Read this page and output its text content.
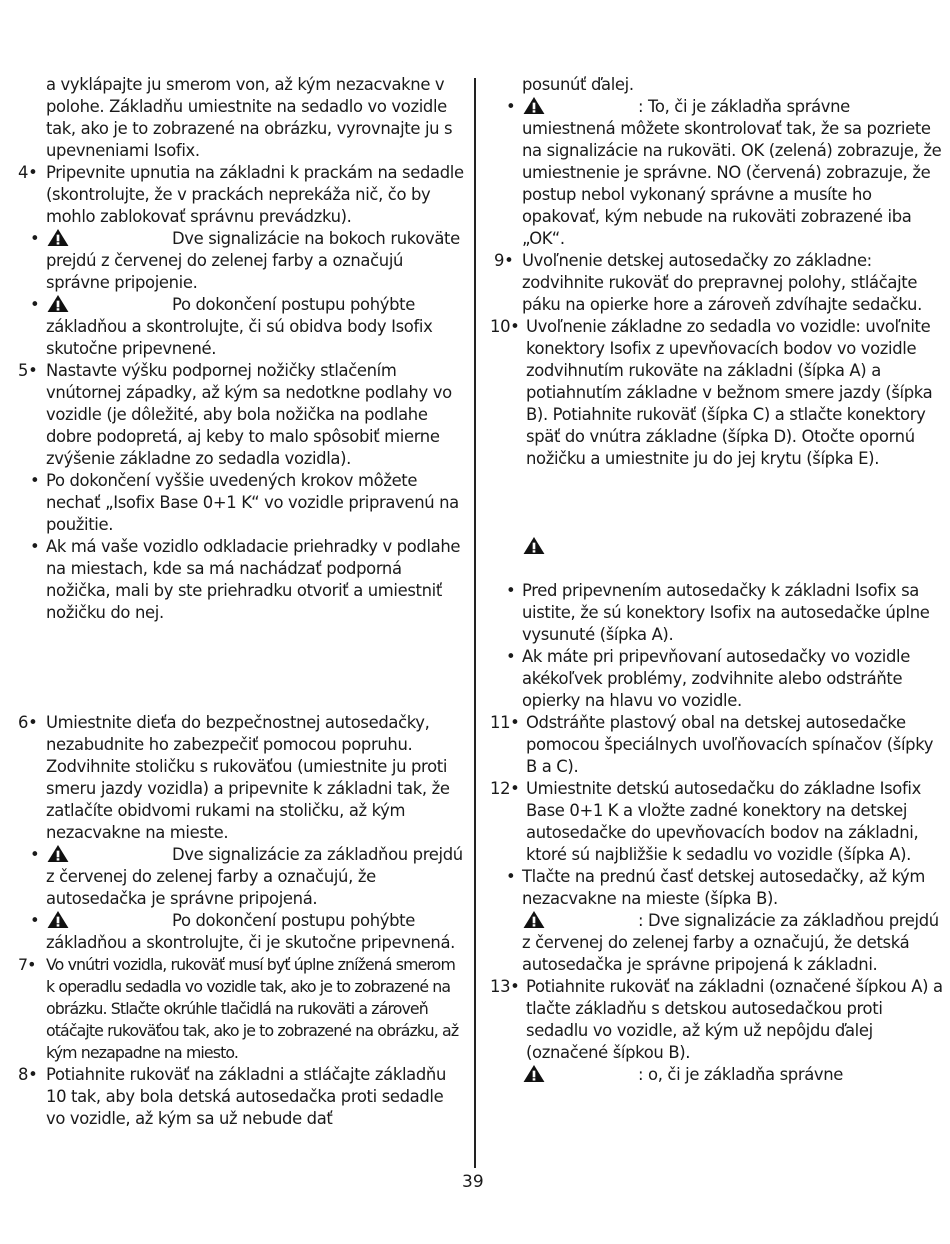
a vyklápajte ju smerom von, až kým nezacvakne v polohe. Základňu umiestnite na sedadlo vo vozidle tak, ako je to zobrazené na obrázku, vyrovnajte ju s upevneniami Isofix.
4• Pripevnite upnutia na základni k prackám na sedadle (skontrolujte, že v prackách neprekáža nič, čo by mohlo zablokovať správnu prevádzku).
•	Dve signalizácie na bokoch rukoväte prejdú z červenej do zelenej farby a označujú správne pripojenie.
•	Po dokončení postupu pohýbte základňou a skontrolujte, či sú obidva body Isofix skutočne pripevnené.
5• Nastavte výšku podpornej nožičky stlačením vnútornej západky, až kým sa nedotkne podlahy vo vozidle (je dôležité, aby bola nožička na podlahe dobre podopretá, aj keby to malo spôsobiť mierne zvýšenie základne zo sedadla vozidla).
• Po dokončení vyššie uvedených krokov môžete nechať „Isofix Base 0+1 K“ vo vozidle pripravenú na použitie.
• Ak má vaše vozidlo odkladacie priehradky v podlahe na miestach, kde sa má nachádzať podporná nožička, mali by ste priehradku otvoriť a umiestniť nožičku do nej.
6• Umiestnite dieťa do bezpečnostnej autosedačky, nezabudnite ho zabezpečiť pomocou popruhu. Zodvihnite stoličku s rukoväťou (umiestnite ju proti smeru jazdy vozidla) a pripevnite k základni tak, že zatlačíte obidvomi rukami na stoličku, až kým nezacvakne na mieste.
•	Dve signalizácie za základňou prejdú z červenej do zelenej farby a označujú, že autosedačka je správne pripojená.
•	Po dokončení postupu pohýbte základňou a skontrolujte, či je skutočne pripevnená.
7• Vo vnútri vozidla, rukoväť musí byť úplne znížená smerom k operadlu sedadla vo vozidle tak, ako je to zobrazené na obrázku. Stlačte okrúhle tlačidlá na rukoväti a zároveň otáčajte rukoväťou tak, ako je to zobrazené na obrázku, až kým nezapadne na miesto.
8• Potiahnite rukoväť na základni a stláčajte základňu 10 tak, aby bola detská autosedačka proti sedadle vo vozidle, až kým sa už nebude dať
posunúť ďalej.
•	: To, či je základňa správne umiestnená môžete skontrolovať tak, že sa pozriete na signalizácie na rukoväti. OK (zelená) zobrazuje, že umiestnenie je správne. NO (červená) zobrazuje, že postup nebol vykonaný správne a musíte ho opakovať, kým nebude na rukoväti zobrazené iba „OK“.
9• Uvoľnenie detskej autosedačky zo základne: zodvihnite rukoväť do prepravnej polohy, stláčajte páku na opierke hore a zároveň zdvíhajte sedačku.
10• Uvoľnenie základne zo sedadla vo vozidle: uvoľnite konektory Isofix z upevňovacích bodov vo vozidle zodvihnutím rukoväte na základni (šípka A) a potiahnutím základne v bežnom smere jazdy (šípka B). Potiahnite rukoväť (šípka C) a stlačte konektory späť do vnútra základne (šípka D). Otočte opornú nožičku a umiestnite ju do jej krytu (šípka E).
• Pred pripevnením autosedačky k základni Isofix sa uistite, že sú konektory Isofix na autosedačke úplne vysunuté (šípka A).
• Ak máte pri pripevňovaní autosedačky vo vozidle akékoľvek problémy, zodvihnite alebo odstráňte opierky na hlavu vo vozidle.
11• Odstráňte plastový obal na detskej autosedačke pomocou špeciálnych uvoľňovacích spínačov (šípky B a C).
12• Umiestnite detskú autosedačku do základne Isofix Base 0+1 K a vložte zadné konektory na detskej autosedačke do upevňovacích bodov na základni, ktoré sú najbližšie k sedadlu vo vozidle (šípka A).
• Tlačte na prednú časť detskej autosedačky, až kým nezacvakne na mieste (šípka B).
: Dve signalizácie za základňou prejdú z červenej do zelenej farby a označujú, že detská autosedačka je správne pripojená k základni.
13• Potiahnite rukoväť na základni (označené šípkou A) a tlačte základňu s detskou autosedačkou proti sedadlu vo vozidle, až kým už nepôjdu ďalej (označené šípkou B).
: o, či je základňa správne
39
